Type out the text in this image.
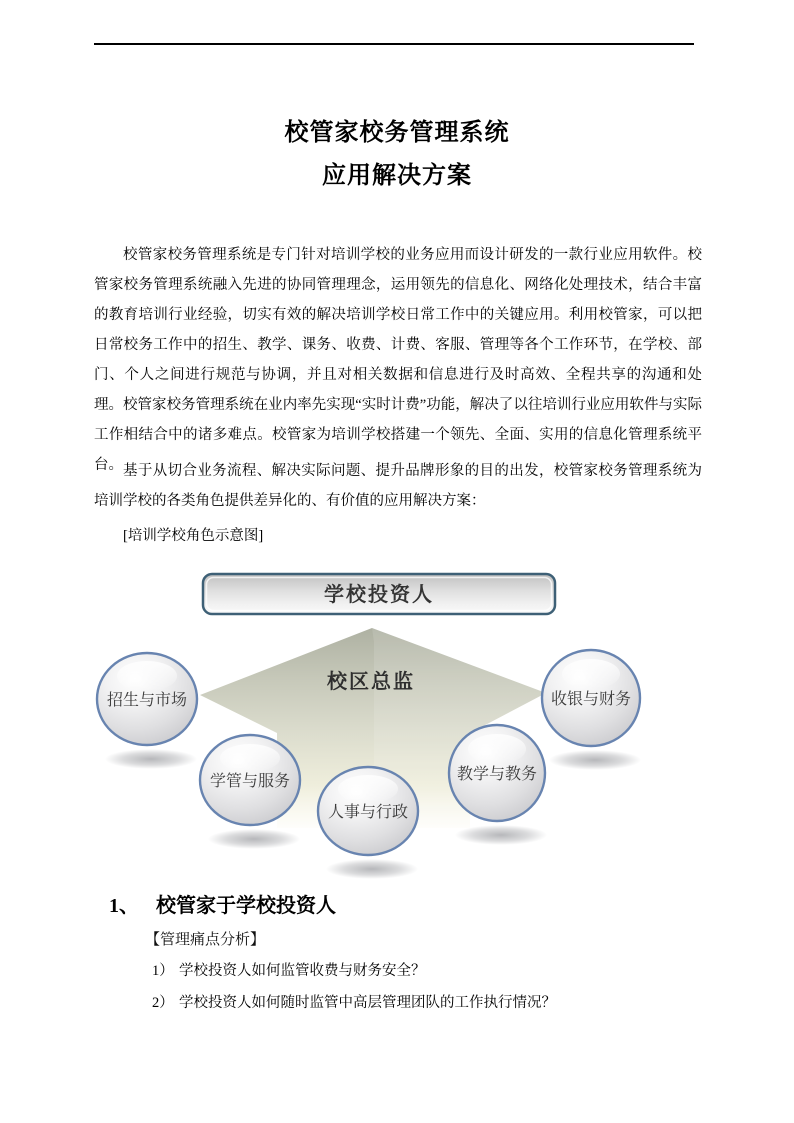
校管家校务管理系统
应用解决方案

校管家校务管理系统是专门针对培训学校的业务应用而设计研发的一款行业应用软件。校管家校务管理系统融入先进的协同管理理念，运用领先的信息化、网络化处理技术，结合丰富的教育培训行业经验，切实有效的解决培训学校日常工作中的关键应用。利用校管家，可以把日常校务工作中的招生、教学、课务、收费、计费、客服、管理等各个工作环节，在学校、部门、个人之间进行规范与协调，并且对相关数据和信息进行及时高效、全程共享的沟通和处理。校管家校务管理系统在业内率先实现“实时计费”功能，解决了以往培训行业应用软件与实际工作相结合中的诸多难点。校管家为培训学校搭建一个领先、全面、实用的信息化管理系统平台。 基于从切合业务流程、解决实际问题、提升品牌形象的目的出发，校管家校务管理系统为培训学校的各类角色提供差异化的、有价值的应用解决方案：

[培训学校角色示意图]
校区总监
学校投资人
招生与市场
学管与服务
人事与行政
教学与教务
收银与财务
1、 校管家于学校投资人
【管理痛点分析】
1） 学校投资人如何监管收费与财务安全？
2） 学校投资人如何随时监管中高层管理团队的工作执行情况？
